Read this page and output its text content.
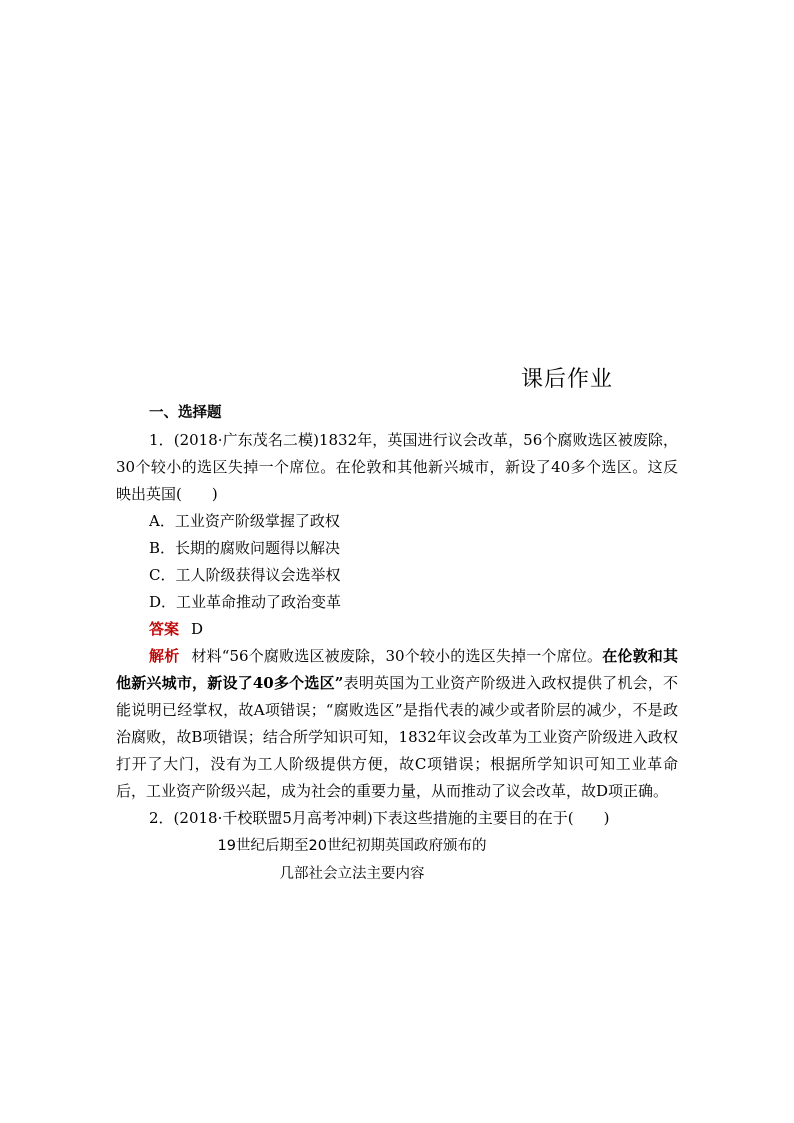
课后作业
一、选择题

1．(2018·广东茂名二模)1832年，英国进行议会改革，56个腐败选区被废除，30个较小的选区失掉一个席位。在伦敦和其他新兴城市，新设了40多个选区。这反映出英国(　　)

A．工业资产阶级掌握了政权
B．长期的腐败问题得以解决
C．工人阶级获得议会选举权
D．工业革命推动了政治变革

答案 D

解析 材料“56个腐败选区被废除，30个较小的选区失掉一个席位。在伦敦和其他新兴城市，新设了40多个选区”表明英国为工业资产阶级进入政权提供了机会，不能说明已经掌权，故A项错误；“腐败选区”是指代表的减少或者阶层的减少，不是政治腐败，故B项错误；结合所学知识可知，1832年议会改革为工业资产阶级进入政权打开了大门，没有为工人阶级提供方便，故C项错误；根据所学知识可知工业革命后，工业资产阶级兴起，成为社会的重要力量，从而推动了议会改革，故D项正确。

2．(2018·千校联盟5月高考冲刺)下表这些措施的主要目的在于(　　)

19世纪后期至20世纪初期英国政府颁布的
几部社会立法主要内容
